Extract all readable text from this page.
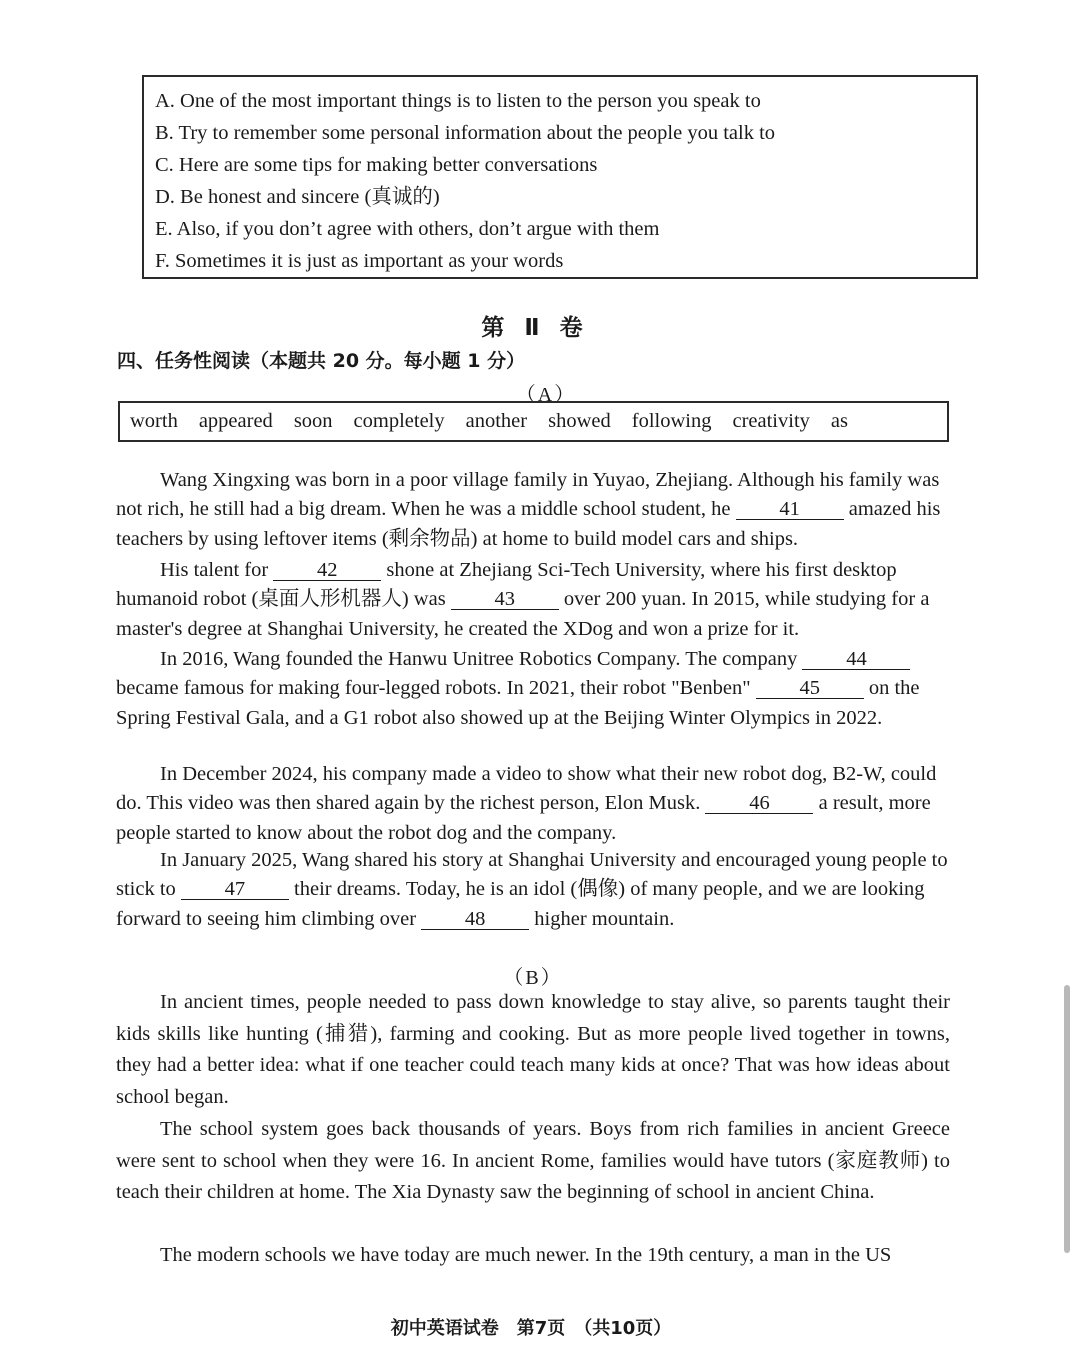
A. One of the most important things is to listen to the person you speak to
B. Try to remember some personal information about the people you talk to
C. Here are some tips for making better conversations
D. Be honest and sincere (真诚的)
E. Also, if you don’t agree with others, don’t argue with them
F. Sometimes it is just as important as your words
第 Ⅱ 卷
四、任务性阅读（本题共 20 分。每小题 1 分）
（A）
worth appeared soon completely another showed following creativity as

Wang Xingxing was born in a poor village family in Yuyao, Zhejiang. Although his family was not rich, he still had a big dream. When he was a middle school student, he 41 amazed his teachers by using leftover items (剩余物品) at home to build model cars and ships.

His talent for 42 shone at Zhejiang Sci-Tech University, where his first desktop humanoid robot (桌面人形机器人) was 43 over 200 yuan. In 2015, while studying for a master's degree at Shanghai University, he created the XDog and won a prize for it.

In 2016, Wang founded the Hanwu Unitree Robotics Company. The company 44 became famous for making four-legged robots. In 2021, their robot "Benben" 45 on the Spring Festival Gala, and a G1 robot also showed up at the Beijing Winter Olympics in 2022.

In December 2024, his company made a video to show what their new robot dog, B2-W, could do. This video was then shared again by the richest person, Elon Musk. 46 a result, more people started to know about the robot dog and the company.

In January 2025, Wang shared his story at Shanghai University and encouraged young people to stick to 47 their dreams. Today, he is an idol (偶像) of many people, and we are looking forward to seeing him climbing over 48 higher mountain.

（B）

In ancient times, people needed to pass down knowledge to stay alive, so parents taught their kids skills like hunting (捕猎), farming and cooking. But as more people lived together in towns, they had a better idea: what if one teacher could teach many kids at once? That was how ideas about school began.

The school system goes back thousands of years. Boys from rich families in ancient Greece were sent to school when they were 16. In ancient Rome, families would have tutors (家庭教师) to teach their children at home. The Xia Dynasty saw the beginning of school in ancient China.

The modern schools we have today are much newer. In the 19th century, a man in the US

初中英语试卷　第7页　（共10页）
